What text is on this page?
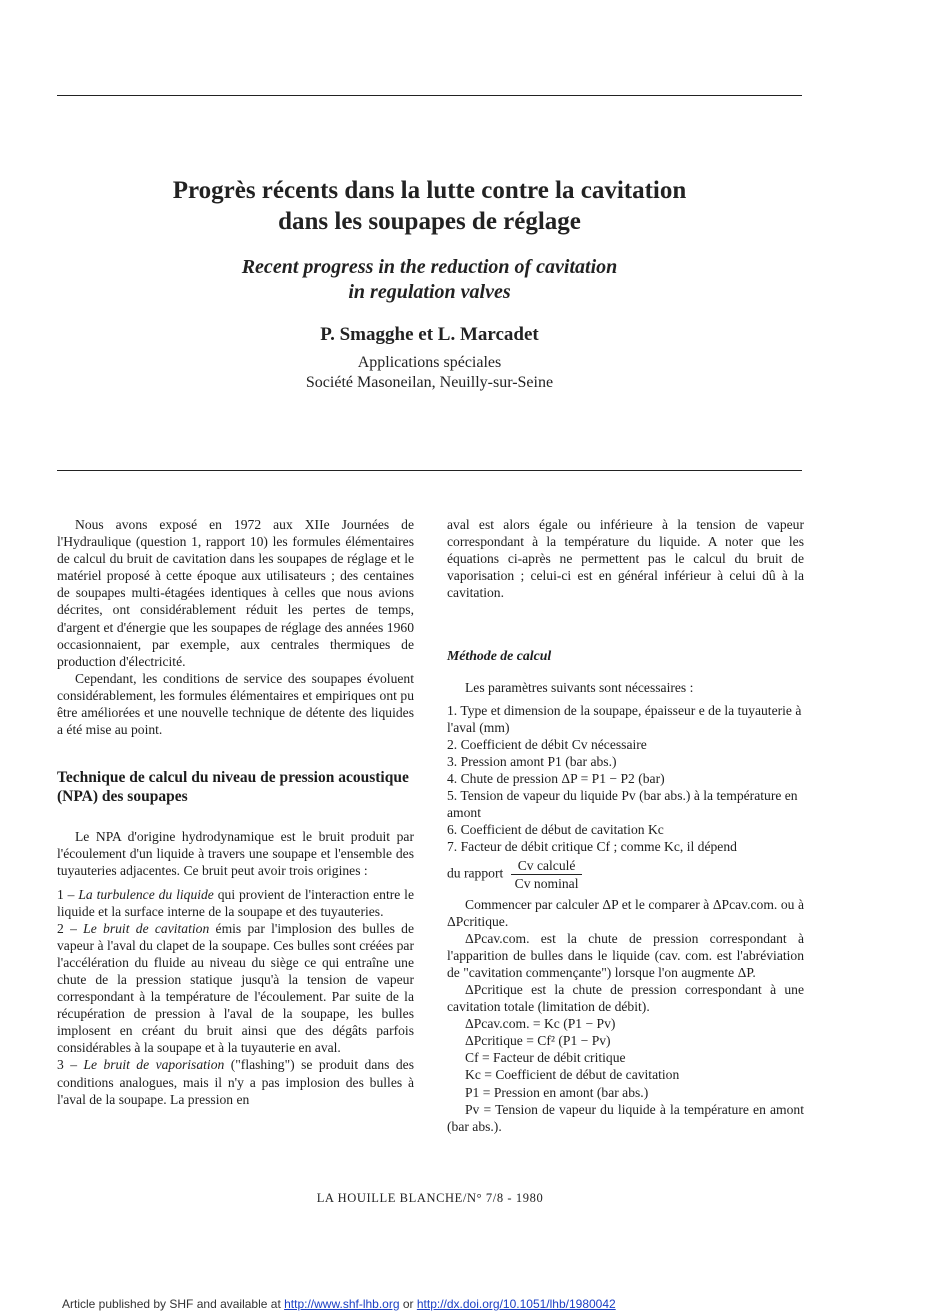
Progrès récents dans la lutte contre la cavitation
dans les soupapes de réglage
Recent progress in the reduction of cavitation
in regulation valves
P. Smagghe et L. Marcadet
Applications spéciales
Société Masoneilan, Neuilly-sur-Seine

Nous avons exposé en 1972 aux XIIe Journées de l'Hydraulique (question 1, rapport 10) les formules élémentaires de calcul du bruit de cavitation dans les soupapes de réglage et le matériel proposé à cette époque aux utilisateurs ; des centaines de soupapes multi-étagées identiques à celles que nous avions décrites, ont considérablement réduit les pertes de temps, d'argent et d'énergie que les soupapes de réglage des années 1960 occasionnaient, par exemple, aux centrales thermiques de production d'électricité.

Cependant, les conditions de service des soupapes évoluent considérablement, les formules élémentaires et empiriques ont pu être améliorées et une nouvelle technique de détente des liquides a été mise au point.

Technique de calcul du niveau de pression acoustique (NPA) des soupapes

Le NPA d'origine hydrodynamique est le bruit produit par l'écoulement d'un liquide à travers une soupape et l'ensemble des tuyauteries adjacentes. Ce bruit peut avoir trois origines :

1 – La turbulence du liquide qui provient de l'interaction entre le liquide et la surface interne de la soupape et des tuyauteries.

2 – Le bruit de cavitation émis par l'implosion des bulles de vapeur à l'aval du clapet de la soupape. Ces bulles sont créées par l'accélération du fluide au niveau du siège ce qui entraîne une chute de la pression statique jusqu'à la tension de vapeur correspondant à la température de l'écoulement. Par suite de la récupération de pression à l'aval de la soupape, les bulles implosent en créant du bruit ainsi que des dégâts parfois considérables à la soupape et à la tuyauterie en aval.

3 – Le bruit de vaporisation ("flashing") se produit dans des conditions analogues, mais il n'y a pas implosion des bulles à l'aval de la soupape. La pression en

aval est alors égale ou inférieure à la tension de vapeur correspondant à la température du liquide. A noter que les équations ci-après ne permettent pas le calcul du bruit de vaporisation ; celui-ci est en général inférieur à celui dû à la cavitation.

Méthode de calcul

Les paramètres suivants sont nécessaires :

1. Type et dimension de la soupape, épaisseur e de la tuyauterie à l'aval (mm)

2. Coefficient de débit Cv nécessaire

3. Pression amont P1 (bar abs.)

4. Chute de pression ΔP = P1 − P2 (bar)

5. Tension de vapeur du liquide Pv (bar abs.) à la température en amont

6. Coefficient de début de cavitation Kc

7. Facteur de débit critique Cf ; comme Kc, il dépend

du rapport $\frac{\text{Cv calculé}}{\text{Cv nominal}}$

Commencer par calculer ΔP et le comparer à ΔPcav.com. ou à ΔPcritique.

ΔPcav.com. est la chute de pression correspondant à l'apparition de bulles dans le liquide (cav. com. est l'abréviation de "cavitation commençante") lorsque l'on augmente ΔP.

ΔPcritique est la chute de pression correspondant à une cavitation totale (limitation de débit).

ΔPcav.com. = Kc (P1 − Pv)

ΔPcritique = Cf² (P1 − Pv)

Cf = Facteur de débit critique

Kc = Coefficient de début de cavitation

P1 = Pression en amont (bar abs.)

Pv = Tension de vapeur du liquide à la température en amont (bar abs.).

LA HOUILLE BLANCHE/N° 7/8 - 1980
Article published by SHF and available at http://www.shf-lhb.org or http://dx.doi.org/10.1051/lhb/1980042
